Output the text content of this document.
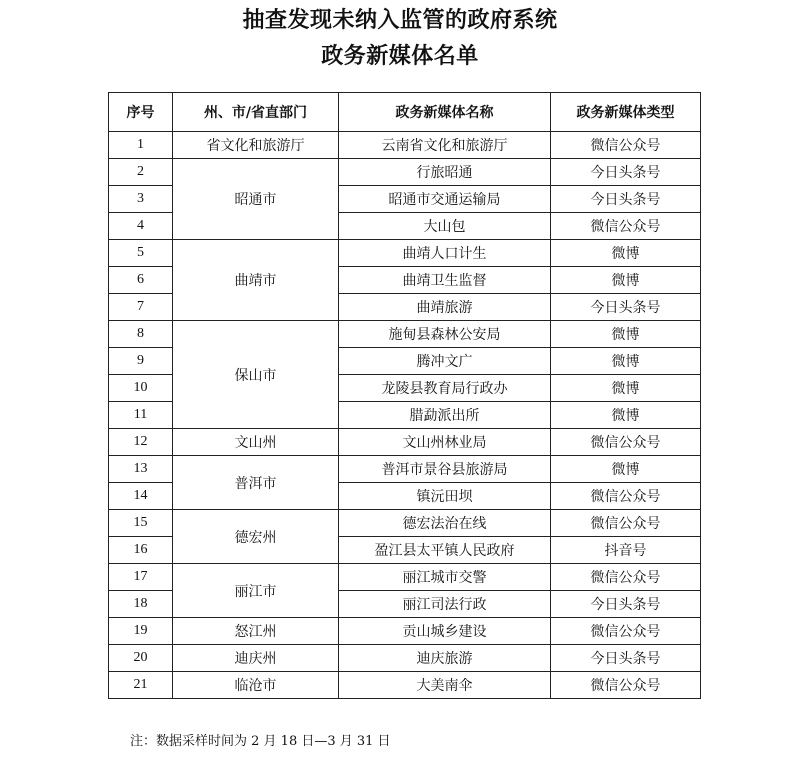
抽查发现未纳入监管的政府系统
政务新媒体名单
序号	州、市/省直部门	政务新媒体名称	政务新媒体类型
1	省文化和旅游厅	云南省文化和旅游厅	微信公众号
2	昭通市	行旅昭通	今日头条号
3		昭通市交通运输局	今日头条号
4		大山包	微信公众号
5	曲靖市	曲靖人口计生	微博
6		曲靖卫生监督	微博
7		曲靖旅游	今日头条号
8	保山市	施甸县森林公安局	微博
9		腾冲文广	微博
10		龙陵县教育局行政办	微博
11		腊勐派出所	微博
12	文山州	文山州林业局	微信公众号
13	普洱市	普洱市景谷县旅游局	微博
14		镇沅田坝	微信公众号
15	德宏州	德宏法治在线	微信公众号
16		盈江县太平镇人民政府	抖音号
17	丽江市	丽江城市交警	微信公众号
18		丽江司法行政	今日头条号
19	怒江州	贡山城乡建设	微信公众号
20	迪庆州	迪庆旅游	今日头条号
21	临沧市	大美南伞	微信公众号
注：数据采样时间为 2 月 18 日—3 月 31 日
